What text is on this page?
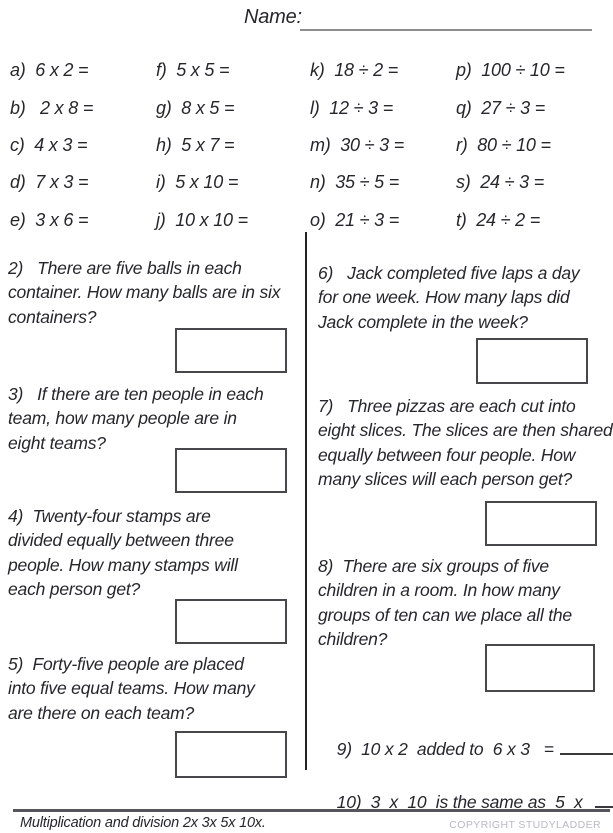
Name:
a)  6 x 2 =
b)   2 x 8 =
c)  4 x 3 =
d)  7 x 3 =
e)  3 x 6 =
f)  5 x 5 =
g)  8 x 5 =
h)  5 x 7 =
i)  5 x 10 =
j)  10 x 10 =
k)  18 ÷ 2 =
l)  12 ÷ 3 =
m)  30 ÷ 3 =
n)  35 ÷ 5 =
o)  21 ÷ 3 =
p)  100 ÷ 10 =
q)  27 ÷ 3 =
r)  80 ÷ 10 =
s)  24 ÷ 3 =
t)  24 ÷ 2 =
2)   There are five balls in each
container. How many balls are in six
containers?
3)   If there are ten people in each
team, how many people are in
eight teams?
4)  Twenty-four stamps are
divided equally between three
people. How many stamps will
each person get?
5)  Forty-five people are placed
into five equal teams. How many
are there on each team?
6)   Jack completed five laps a day
for one week. How many laps did
Jack complete in the week?
7)   Three pizzas are each cut into
eight slices. The slices are then shared
equally between four people. How
many slices will each person get?
8)  There are six groups of five
children in a room. In how many
groups of ten can we place all the
children?

9)  10 x 2  added to  6 x 3   =

10)  3  x  10  is the same as  5  x

Multiplication and division 2x 3x 5x 10x.	COPYRIGHT STUDYLADDER
